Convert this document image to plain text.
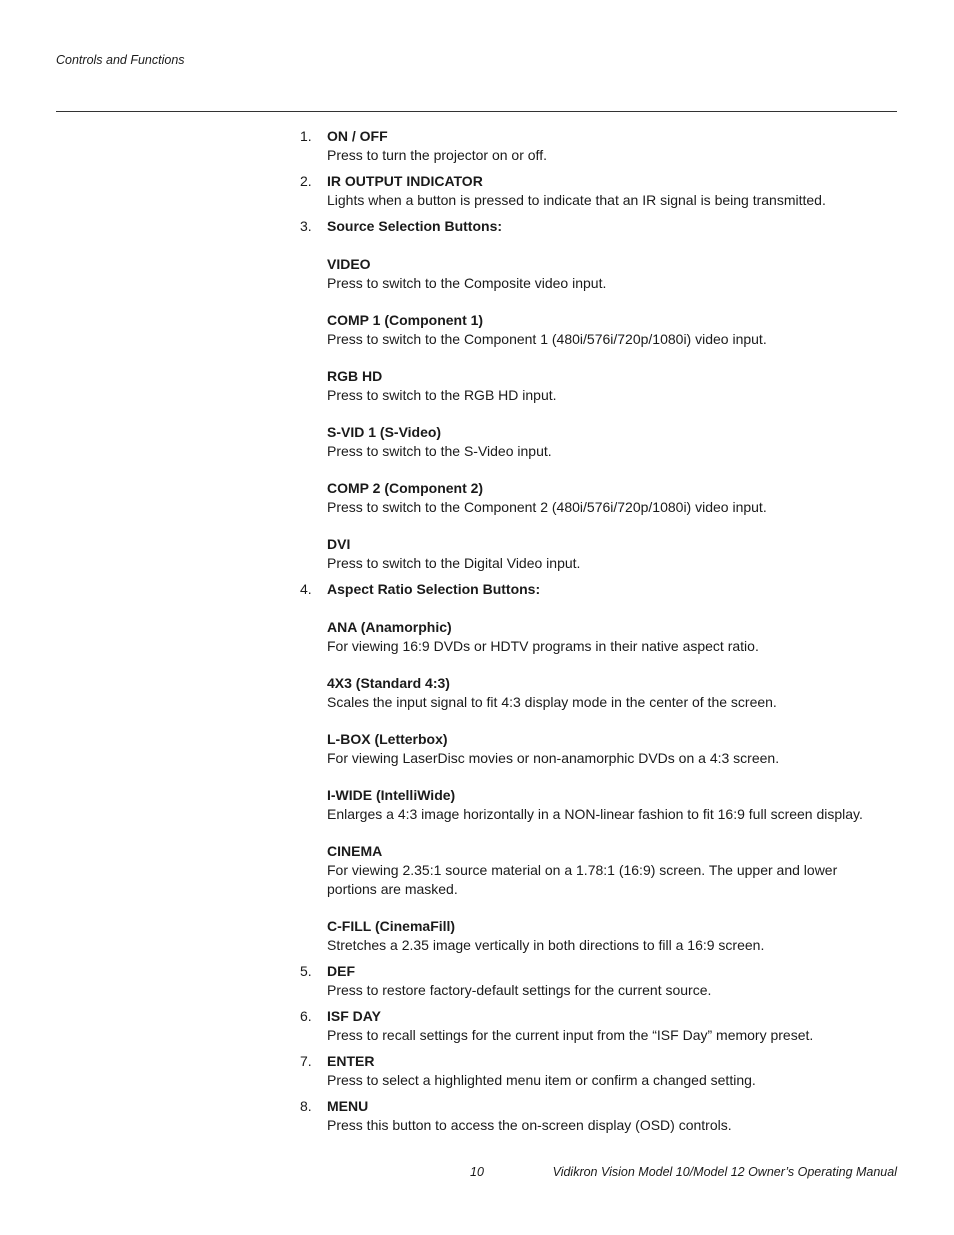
Controls and Functions
1. ON / OFF
Press to turn the projector on or off.
2. IR OUTPUT INDICATOR
Lights when a button is pressed to indicate that an IR signal is being transmitted.
3. Source Selection Buttons:
VIDEO
Press to switch to the Composite video input.
COMP 1 (Component 1)
Press to switch to the Component 1 (480i/576i/720p/1080i) video input.
RGB HD
Press to switch to the RGB HD input.
S-VID 1 (S-Video)
Press to switch to the S-Video input.
COMP 2 (Component 2)
Press to switch to the Component 2 (480i/576i/720p/1080i) video input.
DVI
Press to switch to the Digital Video input.
4. Aspect Ratio Selection Buttons:
ANA (Anamorphic)
For viewing 16:9 DVDs or HDTV programs in their native aspect ratio.
4X3 (Standard 4:3)
Scales the input signal to fit 4:3 display mode in the center of the screen.
L-BOX (Letterbox)
For viewing LaserDisc movies or non-anamorphic DVDs on a 4:3 screen.
I-WIDE (IntelliWide)
Enlarges a 4:3 image horizontally in a NON-linear fashion to fit 16:9 full screen display.
CINEMA
For viewing 2.35:1 source material on a 1.78:1 (16:9) screen. The upper and lower portions are masked.
C-FILL (CinemaFill)
Stretches a 2.35 image vertically in both directions to fill a 16:9 screen.
5. DEF
Press to restore factory-default settings for the current source.
6. ISF DAY
Press to recall settings for the current input from the “ISF Day” memory preset.
7. ENTER
Press to select a highlighted menu item or confirm a changed setting.
8. MENU
Press this button to access the on-screen display (OSD) controls.
10	Vidikron Vision Model 10/Model 12 Owner’s Operating Manual
